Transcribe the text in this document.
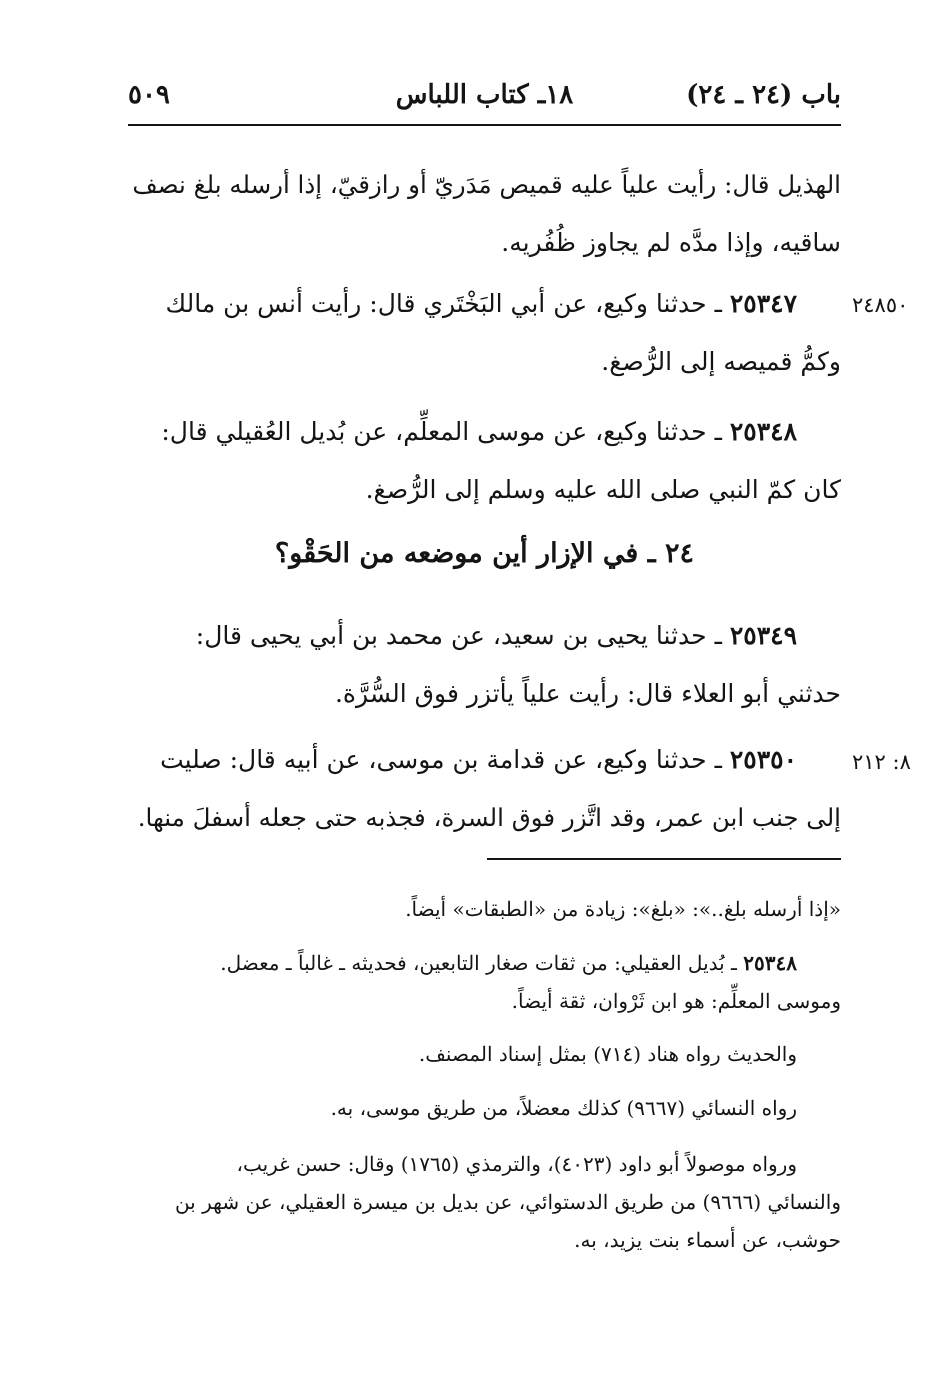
باب (٢٤ ـ ٢٤)
١٨ـ كتاب اللباس
٥٠٩
الهذيل قال: رأيت علياً عليه قميص مَدَريّ أو رازقيّ، إذا أرسله بلغ نصف
ساقيه، وإذا مدَّه لم يجاوز ظُفُريه.
٢٤٨٥٠
٢٥٣٤٧ ـ حدثنا وكيع، عن أبي البَخْتَري قال: رأيت أنس بن مالك
وكمُّ قميصه إلى الرُّصغ.
٢٥٣٤٨ ـ حدثنا وكيع، عن موسى المعلِّم، عن بُديل العُقيلي قال:
كان كمّ النبي صلى الله عليه وسلم إلى الرُّصغ.
٢٤ ـ في الإزار أين موضعه من الحَقْو؟
٢٥٣٤٩ ـ حدثنا يحيى بن سعيد، عن محمد بن أبي يحيى قال:
حدثني أبو العلاء قال: رأيت علياً يأتزر فوق السُّرَّة.
٨: ٢١٢
٢٥٣٥٠ ـ حدثنا وكيع، عن قدامة بن موسى، عن أبيه قال: صليت
إلى جنب ابن عمر، وقد اتَّزر فوق السرة، فجذبه حتى جعله أسفلَ منها.
«إذا أرسله بلغ..»: «بلغ»: زيادة من «الطبقات» أيضاً.
٢٥٣٤٨ ـ بُديل العقيلي: من ثقات صغار التابعين، فحديثه ـ غالباً ـ معضل.
وموسى المعلِّم: هو ابن ثَرْوان، ثقة أيضاً.
والحديث رواه هناد (٧١٤) بمثل إسناد المصنف.
رواه النسائي (٩٦٦٧) كذلك معضلاً، من طريق موسى، به.
ورواه موصولاً أبو داود (٤٠٢٣)، والترمذي (١٧٦٥) وقال: حسن غريب،
والنسائي (٩٦٦٦) من طريق الدستوائي، عن بديل بن ميسرة العقيلي، عن شهر بن
حوشب، عن أسماء بنت يزيد، به.
